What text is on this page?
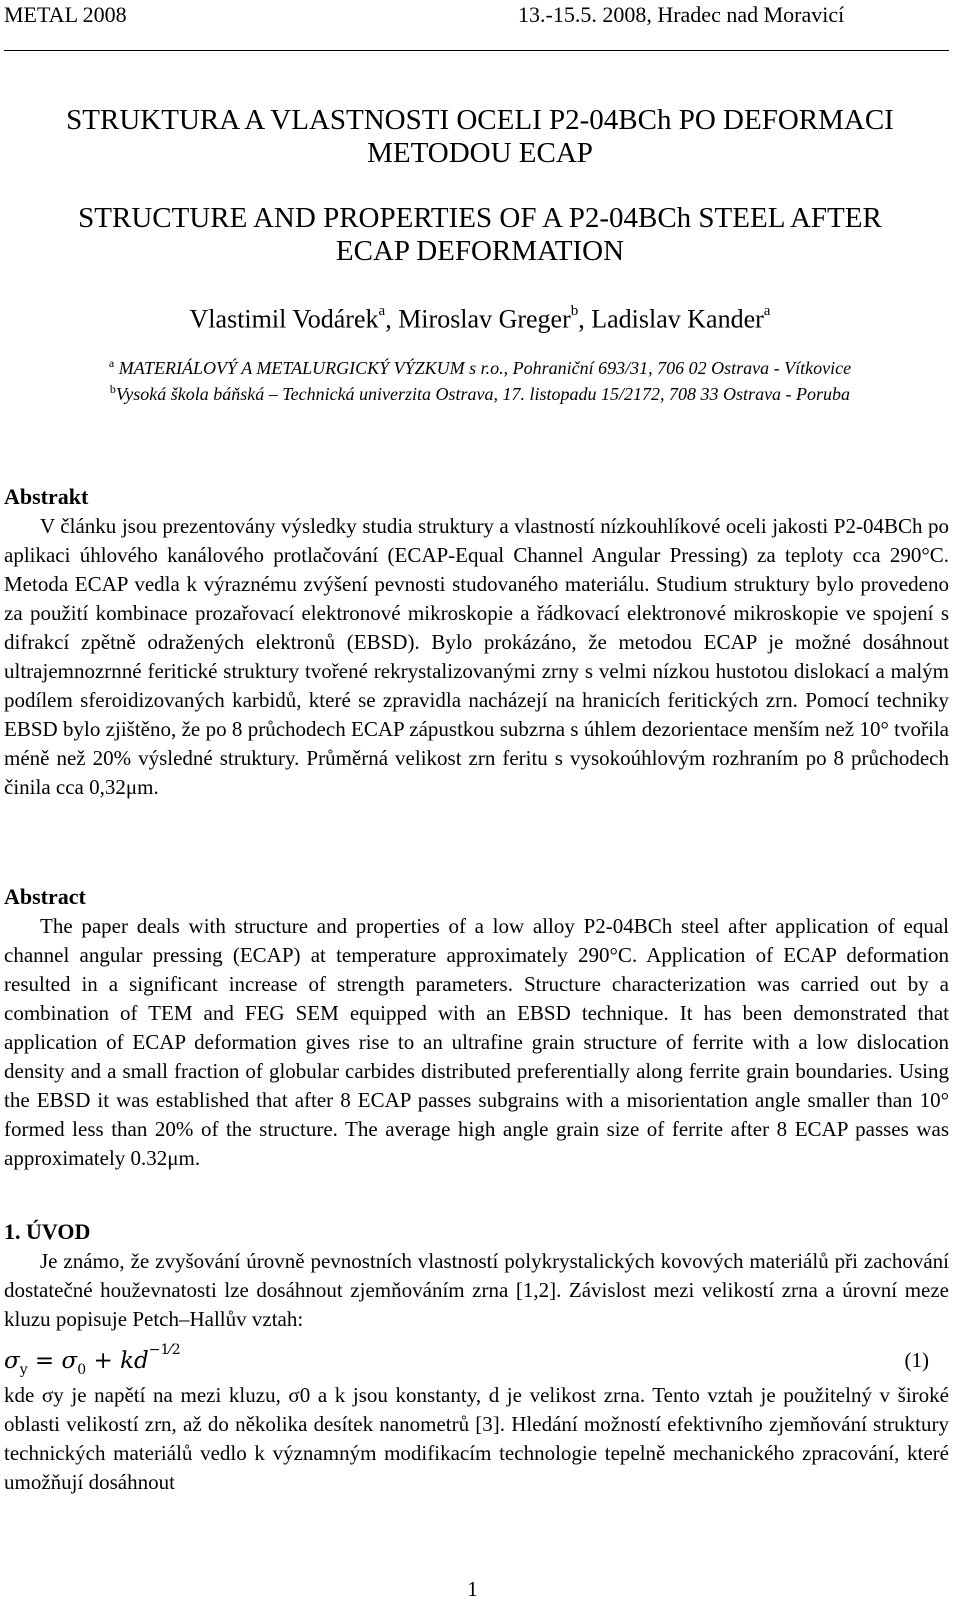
METAL 2008	13.-15.5. 2008, Hradec nad Moravicí
STRUKTURA A VLASTNOSTI OCELI P2-04BCh PO DEFORMACI
METODOU ECAP
STRUCTURE AND PROPERTIES OF A P2-04BCh STEEL AFTER
ECAP DEFORMATION
Vlastimil Vodárek$^a$, Miroslav Greger$^b$, Ladislav Kander$^a$
$^a$ MATERIÁLOVÝ A METALURGICKÝ VÝZKUM s r.o., Pohraniční 693/31, 706 02 Ostrava - Vítkovice
$^b$Vysoká škola báňská – Technická univerzita Ostrava, 17. listopadu 15/2172, 708 33 Ostrava - Poruba
Abstrakt

V článku jsou prezentovány výsledky studia struktury a vlastností nízkouhlíkové oceli jakosti P2-04BCh po aplikaci úhlového kanálového protlačování (ECAP-Equal Channel Angular Pressing) za teploty cca 290°C. Metoda ECAP vedla k výraznému zvýšení pevnosti studovaného materiálu. Studium struktury bylo provedeno za použití kombinace prozařovací elektronové mikroskopie a řádkovací elektronové mikroskopie ve spojení s difrakcí zpětně odražených elektronů (EBSD). Bylo prokázáno, že metodou ECAP je možné dosáhnout ultrajemnozrnné feritické struktury tvořené rekrystalizovanými zrny s velmi nízkou hustotou dislokací a malým podílem sferoidizovaných karbidů, které se zpravidla nacházejí na hranicích feritických zrn. Pomocí techniky EBSD bylo zjištěno, že po 8 průchodech ECAP zápustkou subzrna s úhlem dezorientace menším než 10° tvořila méně než 20% výsledné struktury. Průměrná velikost zrn feritu s vysokoúhlovým rozhraním po 8 průchodech činila cca 0,32μm.

Abstract

The paper deals with structure and properties of a low alloy P2-04BCh steel after application of equal channel angular pressing (ECAP) at temperature approximately 290°C. Application of ECAP deformation resulted in a significant increase of strength parameters. Structure characterization was carried out by a combination of TEM and FEG SEM equipped with an EBSD technique. It has been demonstrated that application of ECAP deformation gives rise to an ultrafine grain structure of ferrite with a low dislocation density and a small fraction of globular carbides distributed preferentially along ferrite grain boundaries. Using the EBSD it was established that after 8 ECAP passes subgrains with a misorientation angle smaller than 10° formed less than 20% of the structure. The average high angle grain size of ferrite after 8 ECAP passes was approximately 0.32μm.

1. ÚVOD

Je známo, že zvyšování úrovně pevnostních vlastností polykrystalických kovových materiálů při zachování dostatečné houževnatosti lze dosáhnout zjemňováním zrna [1,2]. Závislost mezi velikostí zrna a úrovní meze kluzu popisuje Petch–Hallův vztah:

$\sigma_y = \sigma_0 + kd^{-1⁄2}$	(1)

kde σy je napětí na mezi kluzu, σ0 a k jsou konstanty, d je velikost zrna. Tento vztah je použitelný v široké oblasti velikostí zrn, až do několika desítek nanometrů [3]. Hledání možností efektivního zjemňování struktury technických materiálů vedlo k významným modifikacím technologie tepelně mechanického zpracování, které umožňují dosáhnout

1
